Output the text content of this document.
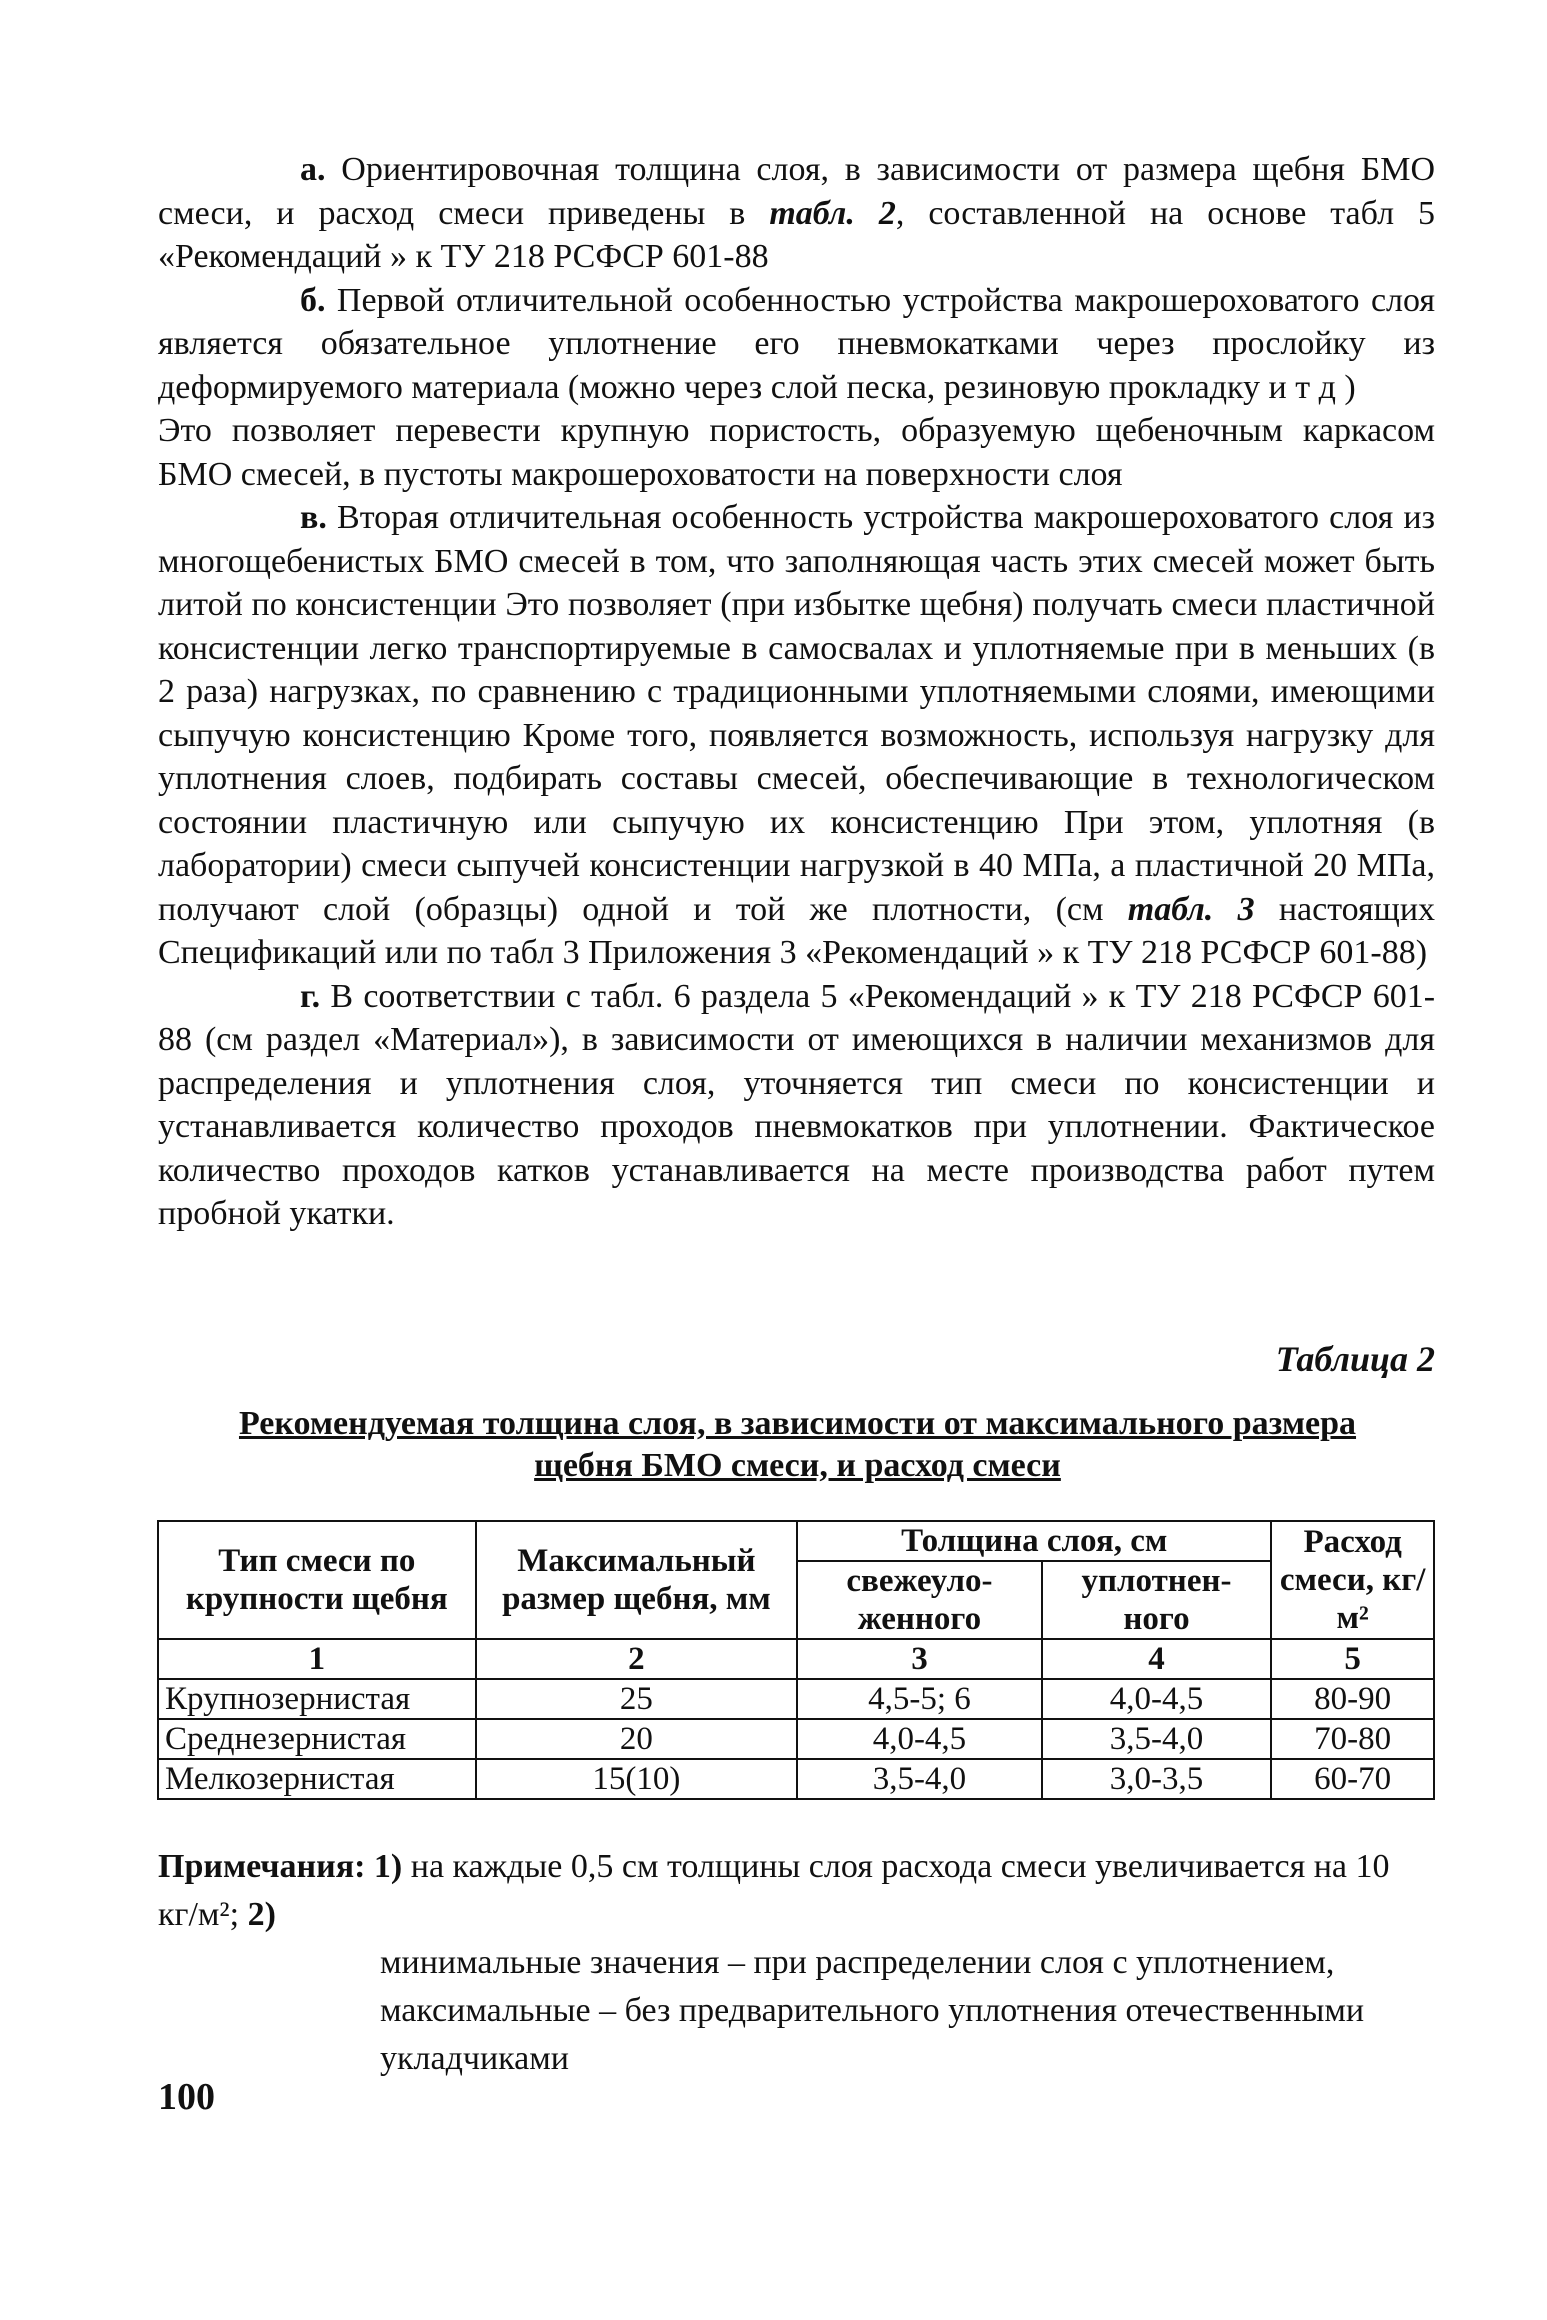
а. Ориентировочная толщина слоя, в зависимости от размера щебня БМО смеси, и расход смеси приведены в табл. 2, составленной на основе табл 5 «Рекомендаций » к ТУ 218 РСФСР 601-88

б. Первой отличительной особенностью устройства макрошероховатого слоя является обязательное уплотнение его пневмокатками через прослойку из деформируемого материала (можно через слой песка, резиновую прокладку и т д )

Это позволяет перевести крупную пористость, образуемую щебеночным каркасом БМО смесей, в пустоты макрошероховатости на поверхности слоя

в. Вторая отличительная особенность устройства макрошероховатого слоя из многощебенистых БМО смесей в том, что заполняющая часть этих смесей может быть литой по консистенции Это позволяет (при избытке щебня) получать смеси пластичной консистенции легко транспортируемые в самосвалах и уплотняемые при в меньших (в 2 раза) нагрузках, по сравнению с традиционными уплотняемыми слоями, имеющими сыпучую консистенцию Кроме того, появляется возможность, используя нагрузку для уплотнения слоев, подбирать составы смесей, обеспечивающие в технологическом состоянии пластичную или сыпучую их консистенцию При этом, уплотняя (в лаборатории) смеси сыпучей консистенции нагрузкой в 40 МПа, а пластичной 20 МПа, получают слой (образцы) одной и той же плотности, (см табл. 3 настоящих Спецификаций или по табл 3 Приложения 3 «Рекомендаций » к ТУ 218 РСФСР 601-88)

г. В соответствии с табл. 6 раздела 5 «Рекомендаций » к ТУ 218 РСФСР 601-88 (см раздел «Материал»), в зависимости от имеющихся в наличии механизмов для распределения и уплотнения слоя, уточняется тип смеси по консистенции и устанавливается количество проходов пневмокатков при уплотнении. Фактическое количество проходов катков устанавливается на месте производства работ путем пробной укатки.

Таблица 2
Рекомендуемая толщина слоя, в зависимости от максимального размера
щебня БМО смеси, и расход смеси
Тип смеси по крупности щебня	Максимальный размер щебня, мм	Толщина слоя, см		Расход смеси, кг/м²
		свежеуло-женного	уплотнен-ного	
1	2	3	4	5
Крупнозернистая	25	4,5-5; 6	4,0-4,5	80-90
Среднезернистая	20	4,0-4,5	3,5-4,0	70-80
Мелкозернистая	15(10)	3,5-4,0	3,0-3,5	60-70
Примечания: 1) на каждые 0,5 см толщины слоя расхода смеси увеличивается на 10 кг/м²; 2)
минимальные значения – при распределении слоя с уплотнением, максимальные – без предварительного уплотнения отечественными укладчиками
100
